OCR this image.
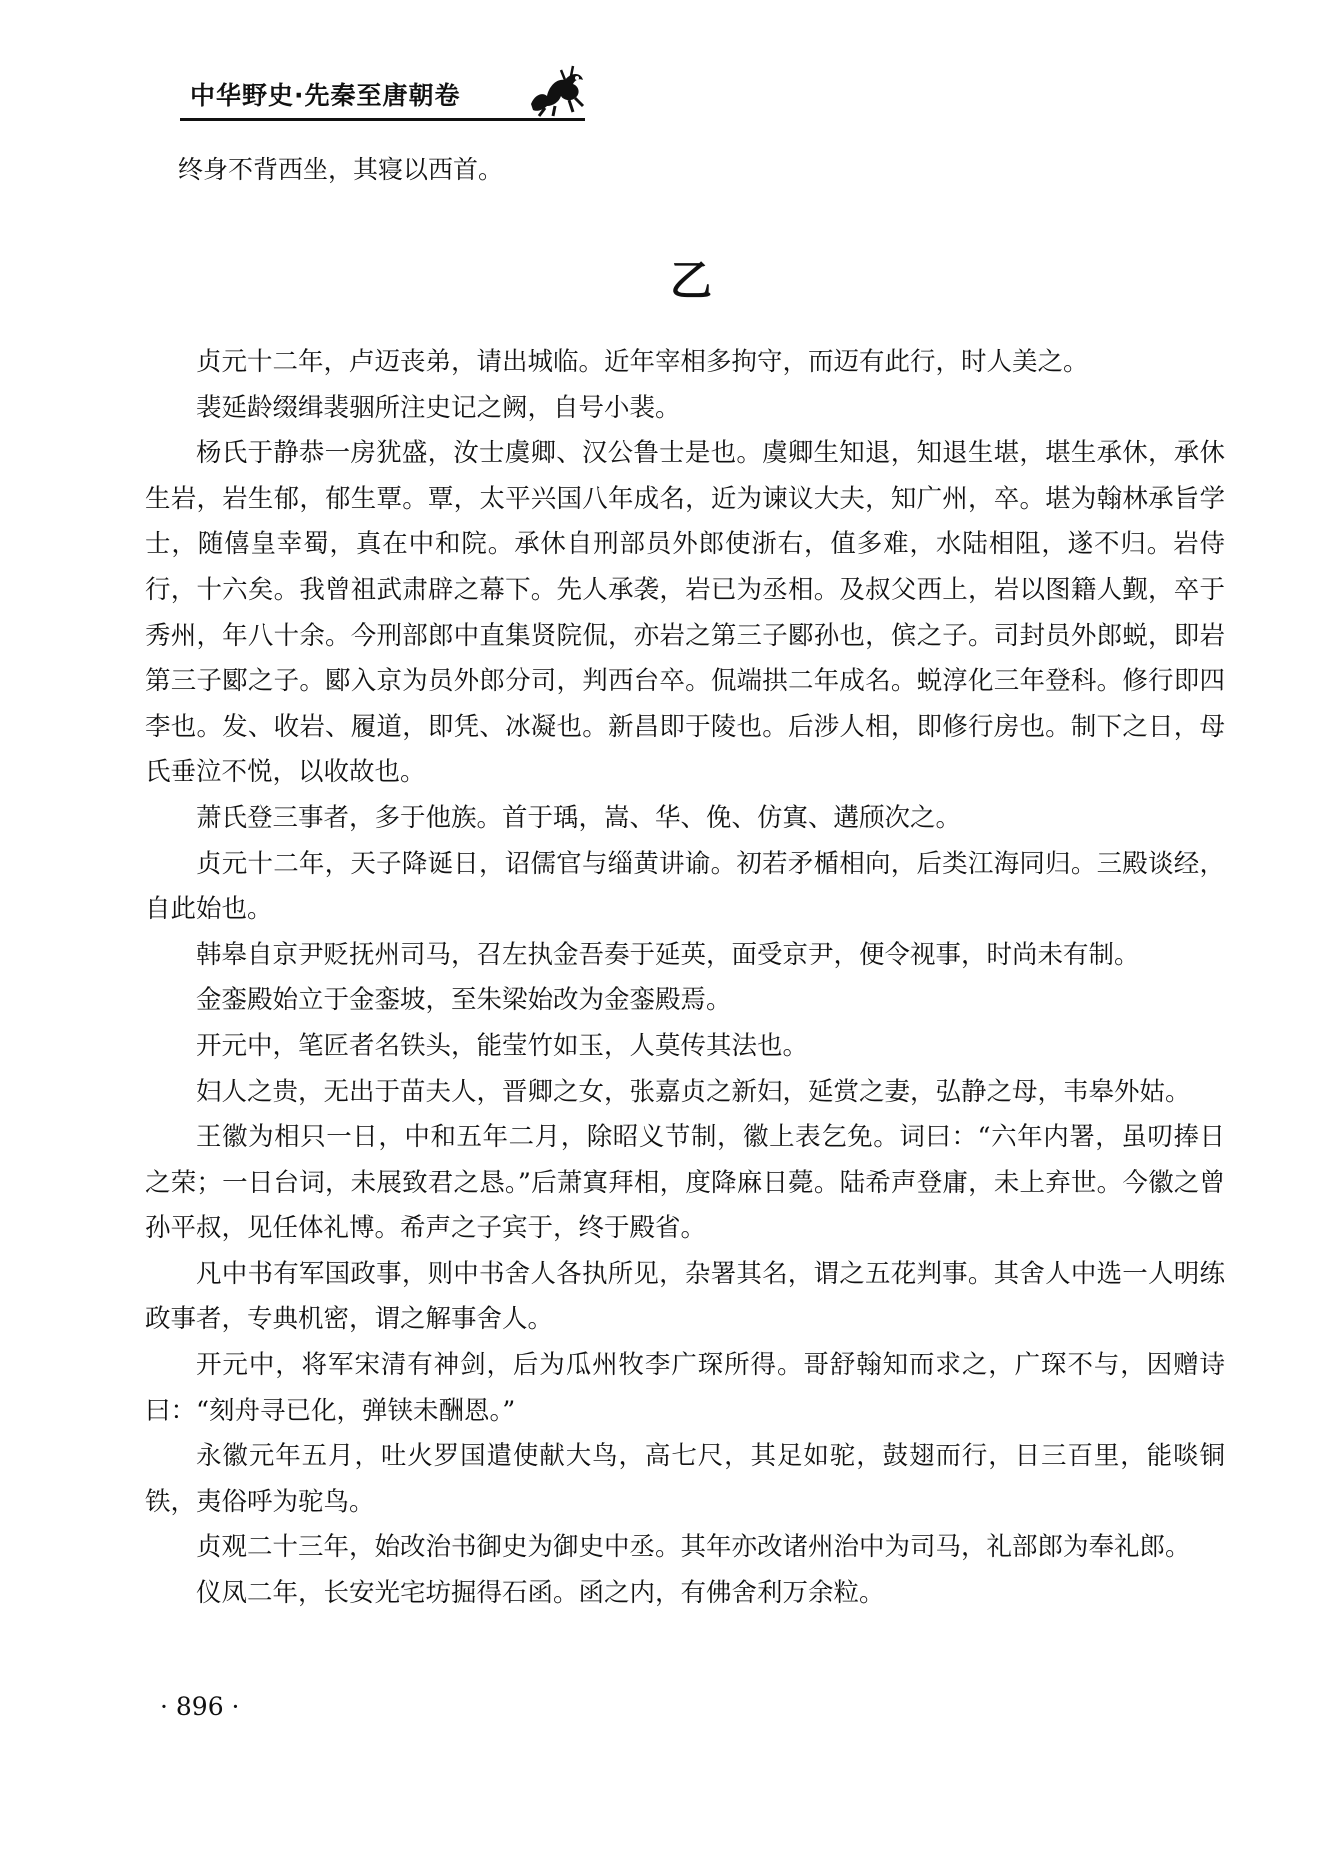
中华野史·先秦至唐朝卷
终身不背西坐，其寝以西首。
乙

贞元十二年，卢迈丧弟，请出城临。近年宰相多拘守，而迈有此行，时人美之。

裴延龄缀缉裴骃所注史记之阙，自号小裴。

杨氏于静恭一房犹盛，汝士虞卿、汉公鲁士是也。虞卿生知退，知退生堪，堪生承休，承休生岩，岩生郁，郁生覃。覃，太平兴国八年成名，近为谏议大夫，知广州，卒。堪为翰林承旨学士，随僖皇幸蜀，真在中和院。承休自刑部员外郎使浙右，值多难，水陆相阻，遂不归。岩侍行，十六矣。我曾祖武肃辟之幕下。先人承袭，岩已为丞相。及叔父西上，岩以图籍人觐，卒于秀州，年八十余。今刑部郎中直集贤院侃，亦岩之第三子郾孙也，傧之子。司封员外郎蜕，即岩第三子郾之子。郾入京为员外郎分司，判西台卒。侃端拱二年成名。蜕淳化三年登科。修行即四李也。发、收岩、履道，即凭、冰凝也。新昌即于陵也。后涉人相，即修行房也。制下之日，母氏垂泣不悦，以收故也。

萧氏登三事者，多于他族。首于瑀，嵩、华、俛、仿寘、遘颀次之。

贞元十二年，天子降诞日，诏儒官与缁黄讲谕。初若矛楯相向，后类江海同归。三殿谈经，自此始也。

韩皋自京尹贬抚州司马，召左执金吾奏于延英，面受京尹，便令视事，时尚未有制。

金銮殿始立于金銮坡，至朱梁始改为金銮殿焉。

开元中，笔匠者名铁头，能莹竹如玉，人莫传其法也。

妇人之贵，无出于苗夫人，晋卿之女，张嘉贞之新妇，延赏之妻，弘静之母，韦皋外姑。

王徽为相只一日，中和五年二月，除昭义节制，徽上表乞免。词曰：“六年内署，虽叨捧日之荣；一日台词，未展致君之恳。”后萧寘拜相，度降麻日薨。陆希声登庸，未上弃世。今徽之曾孙平叔，见任体礼博。希声之子宾于，终于殿省。

凡中书有军国政事，则中书舍人各执所见，杂署其名，谓之五花判事。其舍人中选一人明练政事者，专典机密，谓之解事舍人。

开元中，将军宋清有神剑，后为瓜州牧李广琛所得。哥舒翰知而求之，广琛不与，因赠诗曰：“刻舟寻已化，弹铗未酬恩。”

永徽元年五月，吐火罗国遣使献大鸟，高七尺，其足如驼，鼓翅而行，日三百里，能啖铜铁，夷俗呼为驼鸟。

贞观二十三年，始改治书御史为御史中丞。其年亦改诸州治中为司马，礼部郎为奉礼郎。

仪凤二年，长安光宅坊掘得石函。函之内，有佛舍利万余粒。

· 896 ·
